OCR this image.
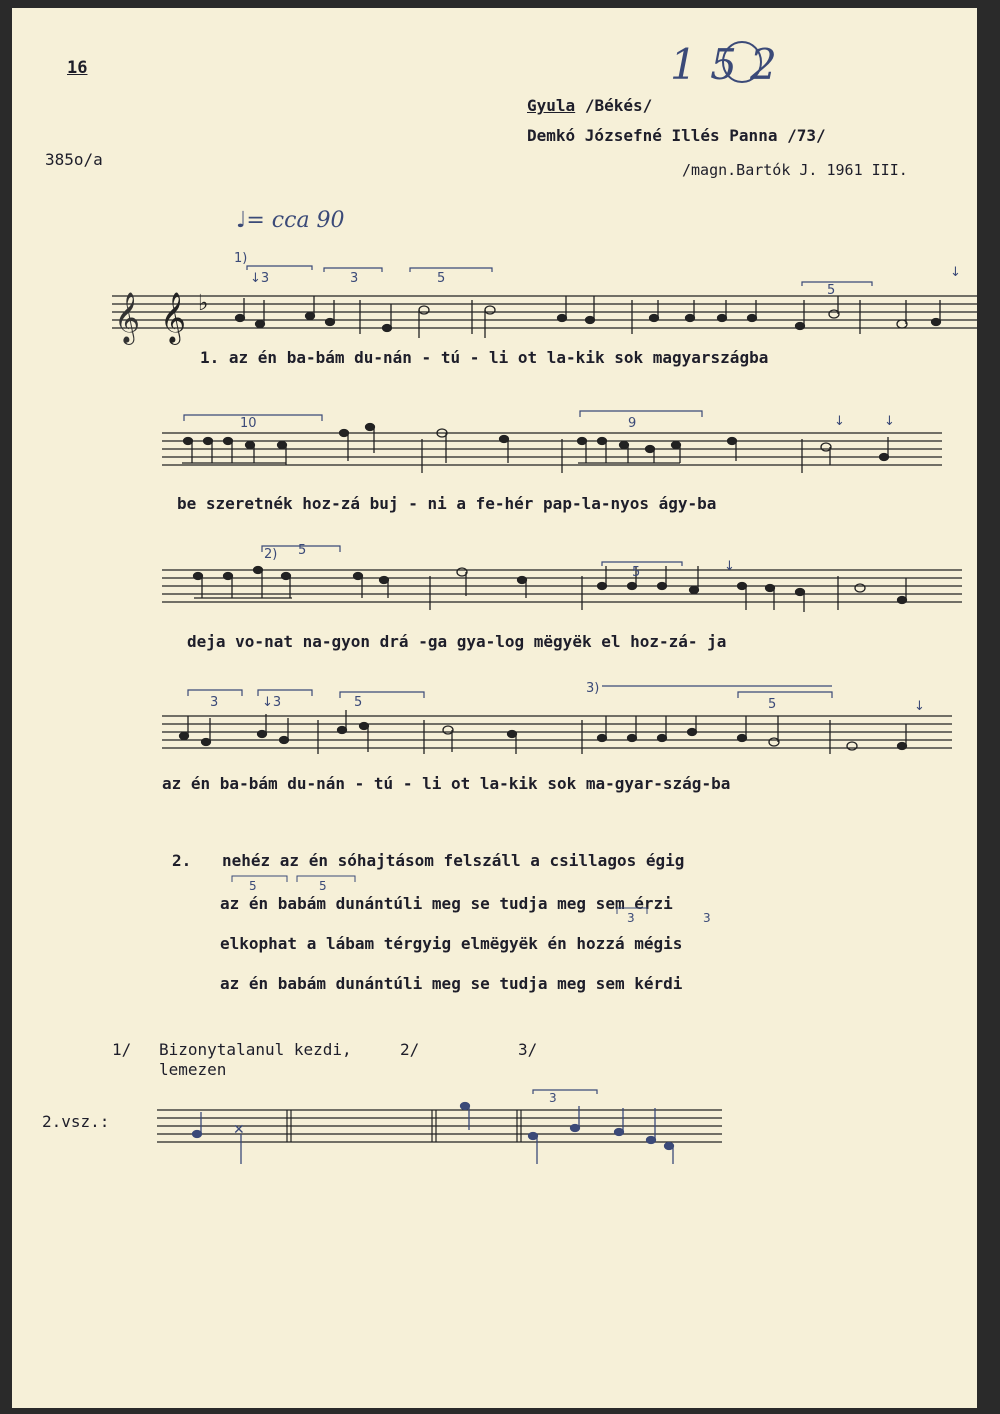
16
385o/a
1 5 2
Gyula /Békés/
Demkó Józsefné Illés Panna /73/
/magn.Bartók J. 1961 III.
♩= cca 90
𝄞 𝄞 ♭
1)
↓3	3	5
5
↓
1. az én ba-bám du-nán - tú - li ot la-kik sok magyarszágba
10	9	↓	↓
be szeretnék hoz-zá buj - ni a fe-hér pap-la-nyos ágy-ba
2) 5
5	↓
deja vo-nat na-gyon drá -ga gya-log mëgyëk el hoz-zá- ja
3	↓3	5
3)
5	↓
az én ba-bám du-nán - tú - li ot la-kik sok ma-gyar-szág-ba
2. nehéz az én sóhajtásom felszáll a csillagos égig
az én babám dunántúli meg se tudja meg sem érzi
elkophat a lábam térgyig elmëgyëk én hozzá mégis
az én babám dunántúli meg se tudja meg sem kérdi
5	5
3	3
1/ Bizonytalanul kezdi,	2/
lemezen
3/
2.vsz.:	✕
3
